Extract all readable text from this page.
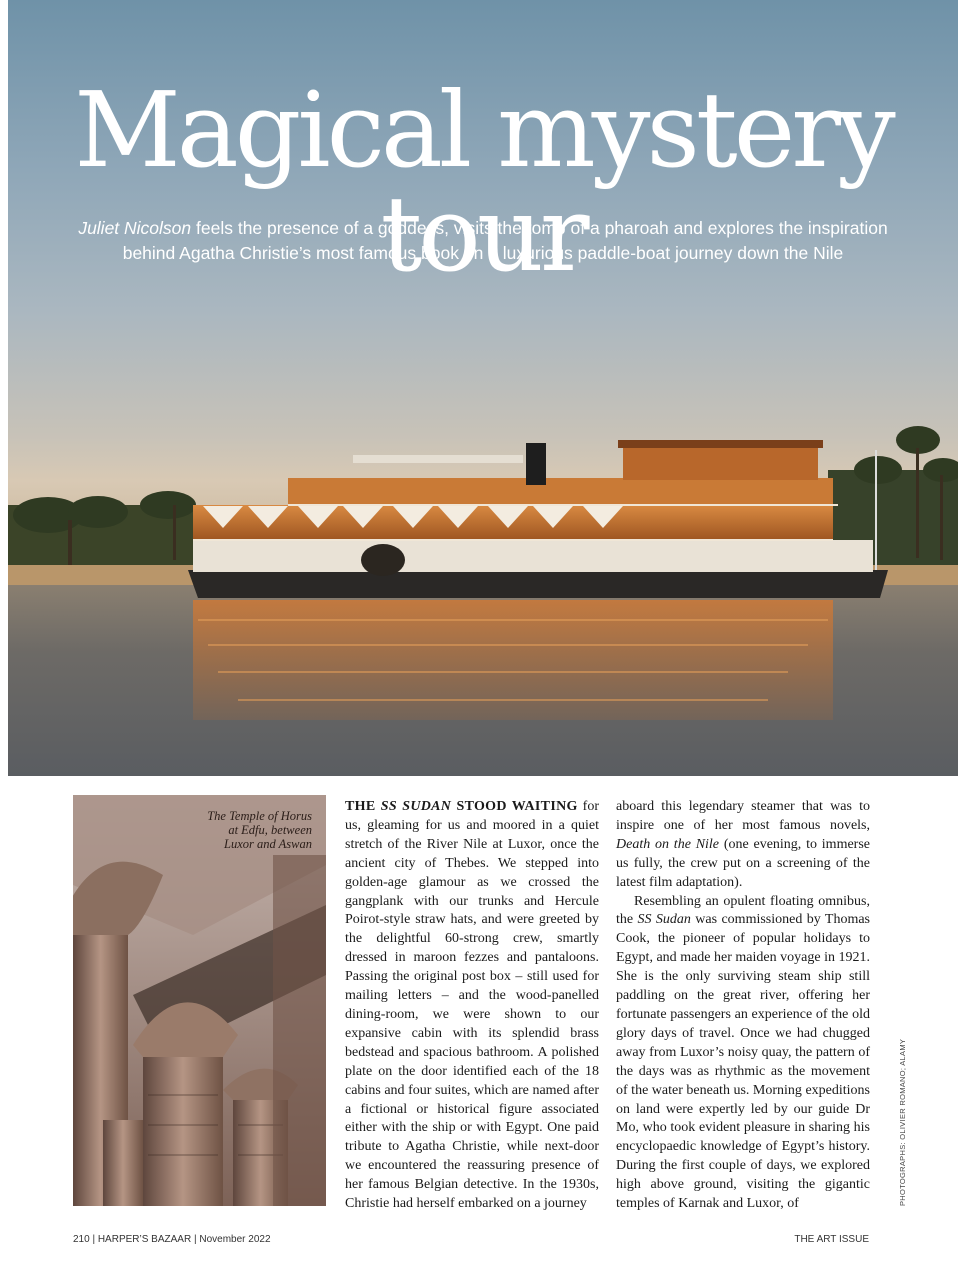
Magical mystery tour
Juliet Nicolson feels the presence of a goddess, visits the tomb of a pharoah and explores the inspiration behind Agatha Christie’s most famous book on a luxurious paddle-boat journey down the Nile
The Temple of Horus at Edfu, between Luxor and Aswan

THE SS SUDAN STOOD WAITING for us, gleaming for us and moored in a quiet stretch of the River Nile at Luxor, once the ancient city of Thebes. We stepped into golden-age glamour as we crossed the gangplank with our trunks and Hercule Poirot-style straw hats, and were greeted by the delightful 60-strong crew, smartly dressed in maroon fezzes and pantaloons. Passing the original post box – still used for mailing letters – and the wood-panelled dining-room, we were shown to our expansive cabin with its splendid brass bedstead and spacious bathroom. A polished plate on the door identified each of the 18 cabins and four suites, which are named after a fictional or historical figure associated either with the ship or with Egypt. One paid tribute to Agatha Christie, while next-door we encountered the reassuring presence of her famous Belgian detective. In the 1930s, Christie had herself embarked on a journey

aboard this legendary steamer that was to inspire one of her most famous novels, Death on the Nile (one evening, to immerse us fully, the crew put on a screening of the latest film adaptation).

Resembling an opulent floating omnibus, the SS Sudan was commissioned by Thomas Cook, the pioneer of popular holidays to Egypt, and made her maiden voyage in 1921. She is the only surviving steam ship still paddling on the great river, offering her fortunate passengers an experience of the old glory days of travel. Once we had chugged away from Luxor’s noisy quay, the pattern of the days was as rhythmic as the movement of the water beneath us. Morning expeditions on land were expertly led by our guide Dr Mo, who took evident pleasure in sharing his encyclopaedic knowledge of Egypt’s history. During the first couple of days, we explored high above ground, visiting the gigantic temples of Karnak and Luxor, of	PHOTOGRAPHS: OLIVIER ROMANO; ALAMY
210 | HARPER’S BAZAAR | November 2022	THE ART ISSUE
